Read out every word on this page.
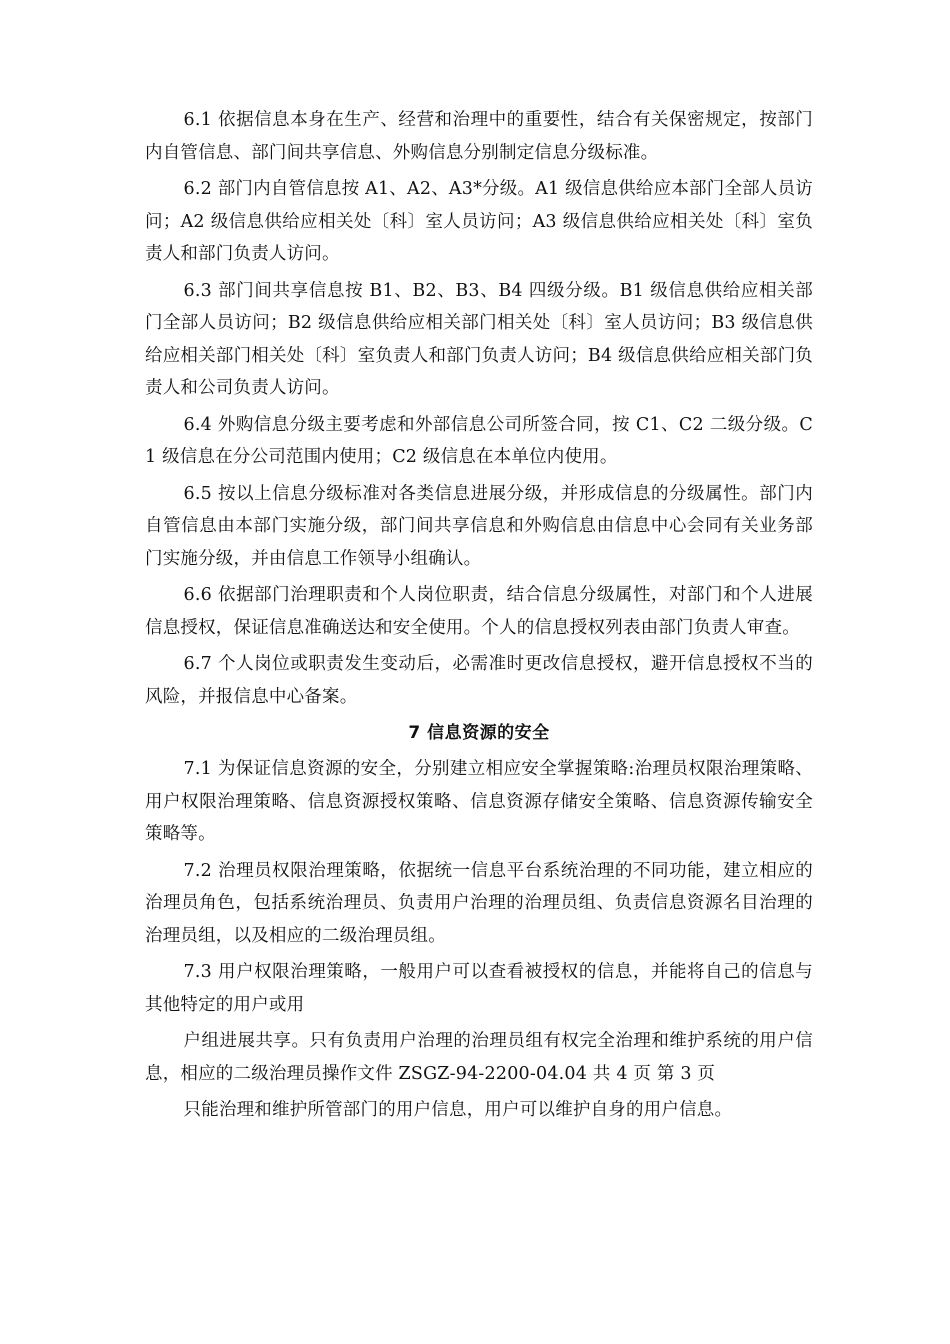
6.1 依据信息本身在生产、经营和治理中的重要性，结合有关保密规定，按部门内自管信息、部门间共享信息、外购信息分别制定信息分级标准。

6.2 部门内自管信息按 A1、A2、A3*分级。A1 级信息供给应本部门全部人员访问；A2 级信息供给应相关处〔科〕室人员访问；A3 级信息供给应相关处〔科〕室负责人和部门负责人访问。

6.3 部门间共享信息按 B1、B2、B3、B4 四级分级。B1 级信息供给应相关部门全部人员访问；B2 级信息供给应相关部门相关处〔科〕室人员访问；B3 级信息供给应相关部门相关处〔科〕室负责人和部门负责人访问；B4 级信息供给应相关部门负责人和公司负责人访问。

6.4 外购信息分级主要考虑和外部信息公司所签合同，按 C1、C2 二级分级。C1 级信息在分公司范围内使用；C2 级信息在本单位内使用。

6.5 按以上信息分级标准对各类信息进展分级，并形成信息的分级属性。部门内自管信息由本部门实施分级，部门间共享信息和外购信息由信息中心会同有关业务部门实施分级，并由信息工作领导小组确认。

6.6 依据部门治理职责和个人岗位职责，结合信息分级属性，对部门和个人进展信息授权，保证信息准确送达和安全使用。个人的信息授权列表由部门负责人审查。

6.7 个人岗位或职责发生变动后，必需准时更改信息授权，避开信息授权不当的风险，并报信息中心备案。

7 信息资源的安全

7.1 为保证信息资源的安全，分别建立相应安全掌握策略:治理员权限治理策略、用户权限治理策略、信息资源授权策略、信息资源存储安全策略、信息资源传输安全策略等。

7.2 治理员权限治理策略，依据统一信息平台系统治理的不同功能，建立相应的治理员角色，包括系统治理员、负责用户治理的治理员组、负责信息资源名目治理的治理员组，以及相应的二级治理员组。

7.3 用户权限治理策略，一般用户可以查看被授权的信息，并能将自己的信息与其他特定的用户或用

户组进展共享。只有负责用户治理的治理员组有权完全治理和维护系统的用户信息，相应的二级治理员操作文件 ZSGZ-94-2200-04.04 共 4 页 第 3 页

只能治理和维护所管部门的用户信息，用户可以维护自身的用户信息。
